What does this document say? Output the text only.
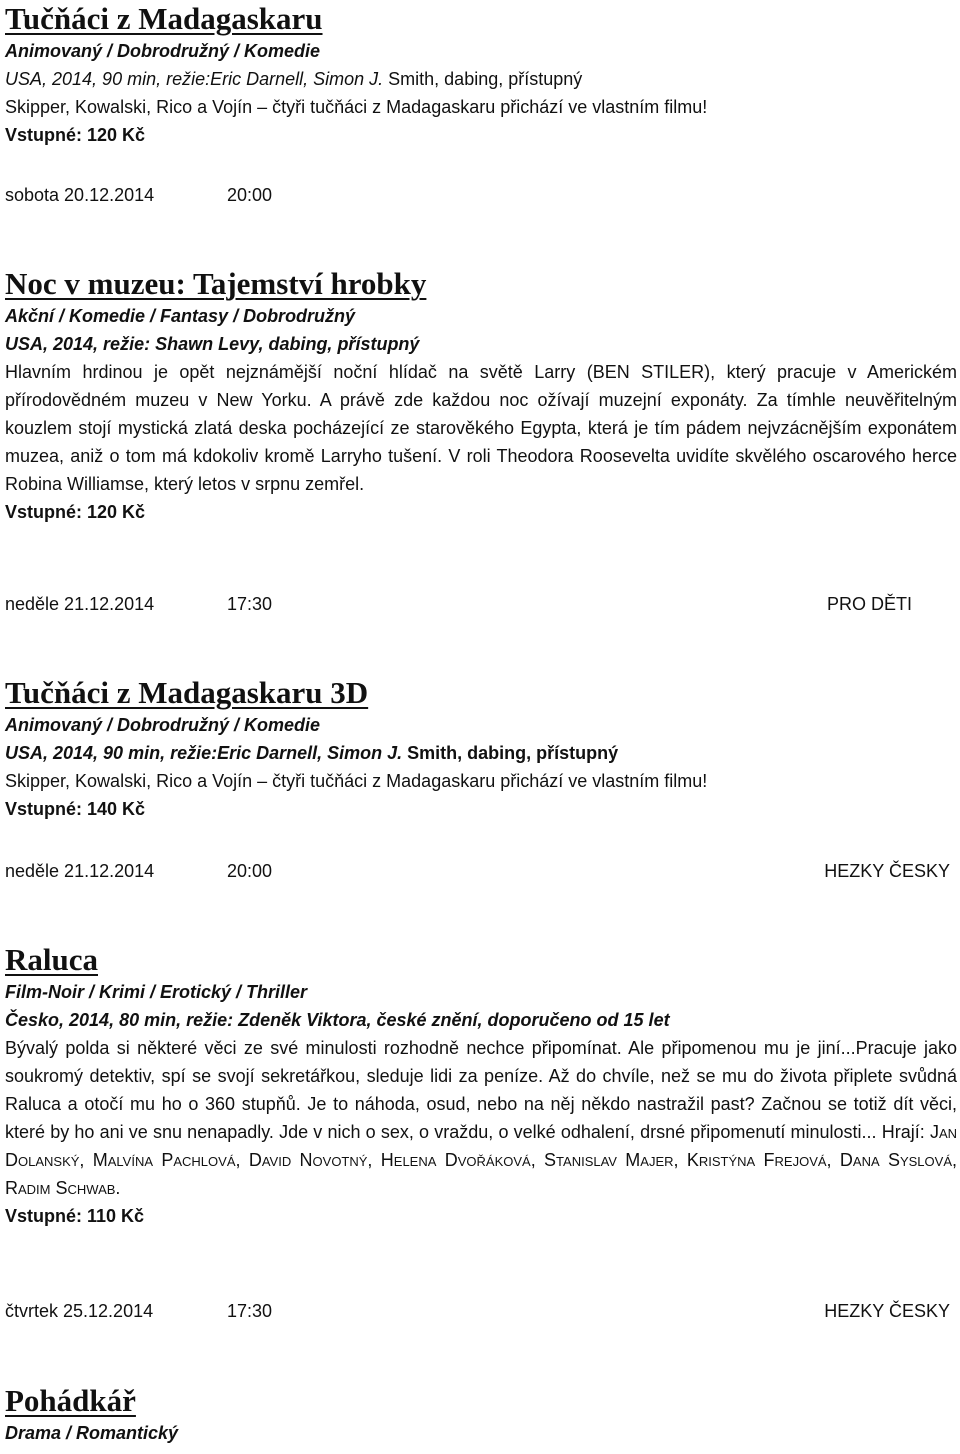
Tučňáci z Madagaskaru
Animovaný / Dobrodružný / Komedie
USA, 2014, 90 min, režie:Eric Darnell, Simon J. Smith, dabing, přístupný
Skipper, Kowalski, Rico a Vojín – čtyři tučňáci z Madagaskaru přichází ve vlastním filmu!
Vstupné: 120 Kč
sobota 20.12.2014	20:00
Noc v muzeu: Tajemství hrobky
Akční / Komedie / Fantasy / Dobrodružný
USA, 2014, režie: Shawn Levy, dabing, přístupný
Hlavním hrdinou je opět nejznámější noční hlídač na světě Larry (BEN STILER), který pracuje v Americkém přírodovědném muzeu v New Yorku. A právě zde každou noc ožívají muzejní exponáty. Za tímhle neuvěřitelným kouzlem stojí mystická zlatá deska pocházející ze starověkého Egypta, která je tím pádem nejvzácnějším exponátem muzea, aniž o tom má kdokoliv kromě Larryho tušení. V roli Theodora Roosevelta uvidíte skvělého oscarového herce Robina Williamse, který letos v srpnu zemřel.
Vstupné: 120 Kč
neděle 21.12.2014	17:30	PRO DĚTI
Tučňáci z Madagaskaru 3D
Animovaný / Dobrodružný / Komedie
USA, 2014, 90 min, režie:Eric Darnell, Simon J. Smith, dabing, přístupný
Skipper, Kowalski, Rico a Vojín – čtyři tučňáci z Madagaskaru přichází ve vlastním filmu!
Vstupné: 140 Kč
neděle 21.12.2014	20:00	HEZKY ČESKY
Raluca
Film-Noir / Krimi / Erotický / Thriller
Česko, 2014, 80 min, režie: Zdeněk Viktora, české znění, doporučeno od 15 let
Bývalý polda si některé věci ze své minulosti rozhodně nechce připomínat. Ale připomenou mu je jiní...Pracuje jako soukromý detektiv, spí se svojí sekretářkou, sleduje lidi za peníze. Až do chvíle, než se mu do života připlete svůdná Raluca a otočí mu ho o 360 stupňů. Je to náhoda, osud, nebo na něj někdo nastražil past? Začnou se totiž dít věci, které by ho ani ve snu nenapadly. Jde v nich o sex, o vraždu, o velké odhalení, drsné připomenutí minulosti... Hrají: Jan Dolanský, Malvína Pachlová, David Novotný, Helena Dvořáková, Stanislav Majer, Kristýna Frejová, Dana Syslová, Radim Schwab.
Vstupné: 110 Kč
čtvrtek 25.12.2014	17:30	HEZKY ČESKY
Pohádkář
Drama / Romantický
